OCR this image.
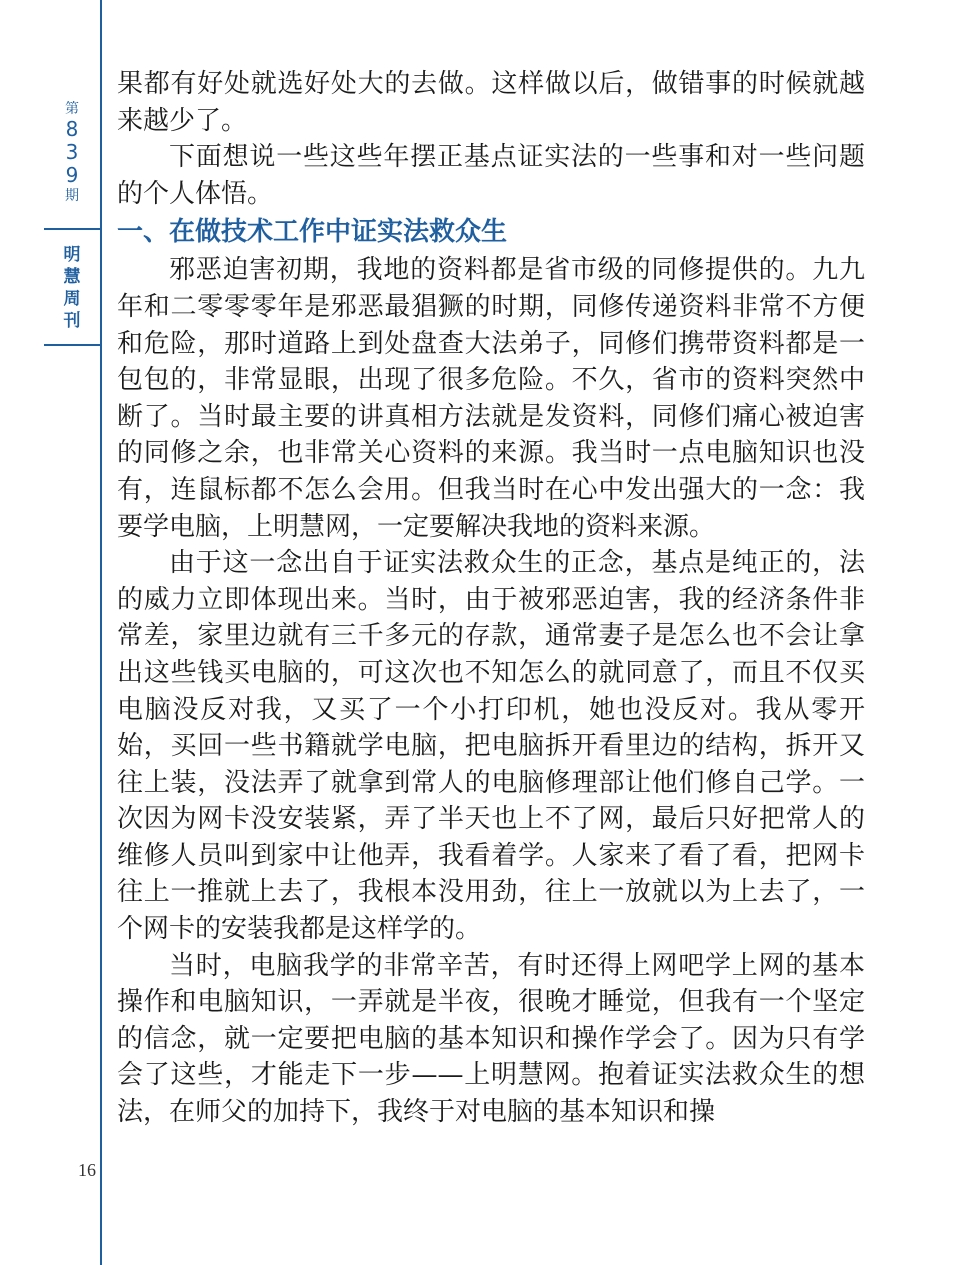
第
8
3
9
期
明
慧
周
刊
16

果都有好处就选好处大的去做。这样做以后，做错事的时候就越来越少了。

下面想说一些这些年摆正基点证实法的一些事和对一些问题的个人体悟。

一、在做技术工作中证实法救众生

邪恶迫害初期，我地的资料都是省市级的同修提供的。九九年和二零零零年是邪恶最猖獗的时期，同修传递资料非常不方便和危险，那时道路上到处盘查大法弟子，同修们携带资料都是一包包的，非常显眼，出现了很多危险。不久，省市的资料突然中断了。当时最主要的讲真相方法就是发资料，同修们痛心被迫害的同修之余，也非常关心资料的来源。我当时一点电脑知识也没有，连鼠标都不怎么会用。但我当时在心中发出强大的一念：我要学电脑，上明慧网，一定要解决我地的资料来源。

由于这一念出自于证实法救众生的正念，基点是纯正的，法的威力立即体现出来。当时，由于被邪恶迫害，我的经济条件非常差，家里边就有三千多元的存款，通常妻子是怎么也不会让拿出这些钱买电脑的，可这次也不知怎么的就同意了，而且不仅买电脑没反对我，又买了一个小打印机，她也没反对。我从零开始，买回一些书籍就学电脑，把电脑拆开看里边的结构，拆开又往上装，没法弄了就拿到常人的电脑修理部让他们修自己学。一次因为网卡没安装紧，弄了半天也上不了网，最后只好把常人的维修人员叫到家中让他弄，我看着学。人家来了看了看，把网卡往上一推就上去了，我根本没用劲，往上一放就以为上去了，一个网卡的安装我都是这样学的。

当时，电脑我学的非常辛苦，有时还得上网吧学上网的基本操作和电脑知识，一弄就是半夜，很晚才睡觉，但我有一个坚定的信念，就一定要把电脑的基本知识和操作学会了。因为只有学会了这些，才能走下一步——上明慧网。抱着证实法救众生的想法，在师父的加持下，我终于对电脑的基本知识和操
